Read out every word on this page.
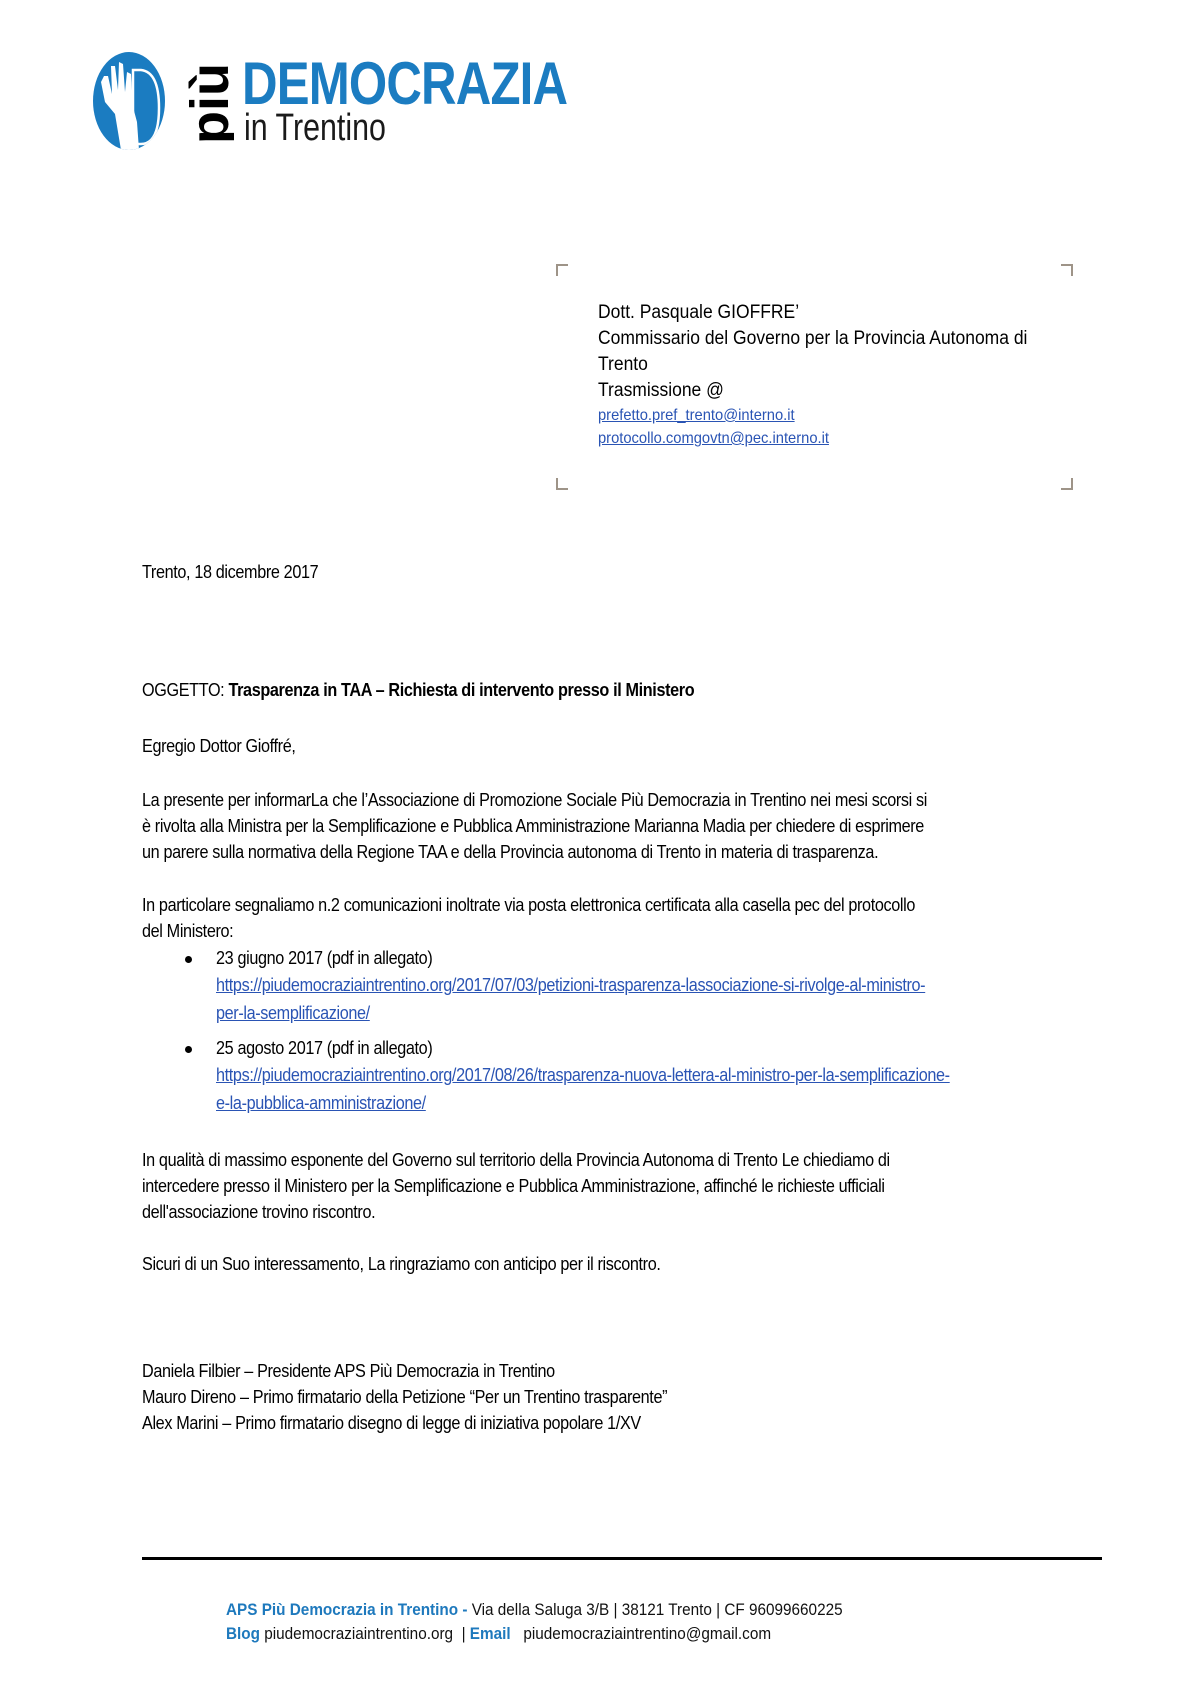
più DEMOCRAZIA
in Trentino
Dott. Pasquale GIOFFRE’
Commissario del Governo per la Provincia Autonoma di
Trento
Trasmissione @
prefetto.pref_trento@interno.it
protocollo.comgovtn@pec.interno.it
Trento, 18 dicembre 2017
OGGETTO: Trasparenza in TAA – Richiesta di intervento presso il Ministero
Egregio Dottor Gioffré,
La presente per informarLa che l’Associazione di Promozione Sociale Più Democrazia in Trentino nei mesi scorsi si
è rivolta alla Ministra per la Semplificazione e Pubblica Amministrazione Marianna Madia per chiedere di esprimere
un parere sulla normativa della Regione TAA e della Provincia autonoma di Trento in materia di trasparenza.
In particolare segnaliamo n.2 comunicazioni inoltrate via posta elettronica certificata alla casella pec del protocollo
del Ministero:
23 giugno 2017 (pdf in allegato)
https://piudemocraziaintrentino.org/2017/07/03/petizioni-trasparenza-lassociazione-si-rivolge-al-ministro-
per-la-semplificazione/
25 agosto 2017 (pdf in allegato)
https://piudemocraziaintrentino.org/2017/08/26/trasparenza-nuova-lettera-al-ministro-per-la-semplificazione-
e-la-pubblica-amministrazione/
In qualità di massimo esponente del Governo sul territorio della Provincia Autonoma di Trento Le chiediamo di
intercedere presso il Ministero per la Semplificazione e Pubblica Amministrazione, affinché le richieste ufficiali
dell'associazione trovino riscontro.
Sicuri di un Suo interessamento, La ringraziamo con anticipo per il riscontro.
Daniela Filbier – Presidente APS Più Democrazia in Trentino
Mauro Direno – Primo firmatario della Petizione “Per un Trentino trasparente”
Alex Marini – Primo firmatario disegno di legge di iniziativa popolare 1/XV
APS Più Democrazia in Trentino - Via della Saluga 3/B | 38121 Trento | CF 96099660225
Blog piudemocraziaintrentino.org  | Email   piudemocraziaintrentino@gmail.com
